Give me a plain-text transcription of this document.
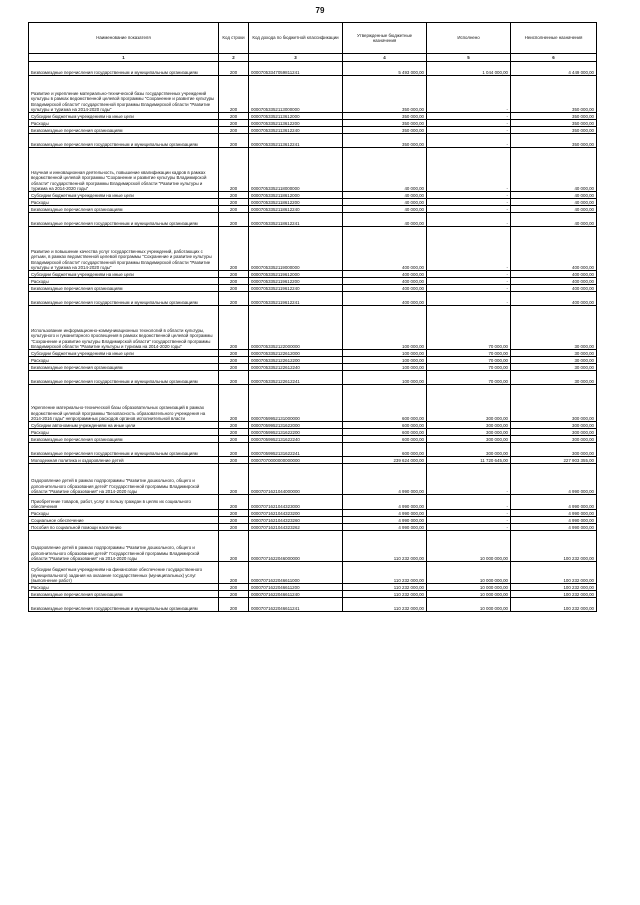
79
Наименование показателя	Код строки	Код дохода по бюджетной классификации	Утвержденные бюджетные назначения	Исполнено	Неисполненные назначения
1	2	3	4	5	6
Безвозмездные перечисления государственным и муниципальным организациям	200	00007053347059811241	5 493 000,00	1 044 000,00	4 449 000,00
Развитие и укрепление материально-технической базы государственных учреждений культуры в рамках ведомственной целевой программы "Сохранение и развитие культуры Владимирской области" государственной программы Владимирской области "Развитие культуры и туризма на 2014-2020 годы"	200	00007053352113000000	350 000,00	-	350 000,00
Субсидии бюджетным учреждениям на иные цели	200	00007053352113612000	350 000,00	-	350 000,00
Расходы	200	00007053352113612200	350 000,00	-	350 000,00
Безвозмездные перечисления организациям	200	00007053352113612240	350 000,00	-	350 000,00
Безвозмездные перечисления государственным и муниципальным организациям	200	00007053352113612241	350 000,00	-	350 000,00
Научная и инновационная деятельность, повышение квалификации кадров в рамках ведомственной целевой программы "Сохранение и развитие культуры Владимирской области" государственной программы Владимирской области "Развитие культуры и туризма на 2014-2020 годы"	200	00007053352118000000	40 000,00	-	40 000,00
Субсидии бюджетным учреждениям на иные цели	200	00007053352118612000	40 000,00	-	40 000,00
Расходы	200	00007053352118612200	40 000,00	-	40 000,00
Безвозмездные перечисления организациям	200	00007053352118612240	40 000,00	-	40 000,00
Безвозмездные перечисления государственным и муниципальным организациям	200	00007053352118612241	40 000,00	-	40 000,00
Развитие и повышение качества услуг государственных учреждений, работающих с детьми, в рамках ведомственной целевой программы "Сохранение и развитие культуры Владимирской области" государственной программы Владимирской области "Развитие культуры и туризма на 2014-2020 годы"	200	00007053352119000000	400 000,00	-	400 000,00
Субсидии бюджетным учреждениям на иные цели	200	00007053352119612000	400 000,00	-	400 000,00
Расходы	200	00007053352119612200	400 000,00	-	400 000,00
Безвозмездные перечисления организациям	200	00007053352119612240	400 000,00	-	400 000,00
Безвозмездные перечисления государственным и муниципальным организациям	200	00007053352119612241	400 000,00	-	400 000,00
Использование информационно-коммуникационных технологий в области культуры, культурного и гуманитарного просвещения в рамках ведомственной целевой программы "Сохранение и развитие культуры Владимирской области" государственной программы Владимирской области "Развитие культуры и туризма на 2014-2020 годы"	200	00007053352122000000	100 000,00	70 000,00	30 000,00
Субсидии бюджетным учреждениям на иные цели	200	00007053352122612000	100 000,00	70 000,00	30 000,00
Расходы	200	00007053352122612200	100 000,00	70 000,00	30 000,00
Безвозмездные перечисления организациям	200	00007053352122612240	100 000,00	70 000,00	30 000,00
Безвозмездные перечисления государственным и муниципальным организациям	200	00007053352122612241	100 000,00	70 000,00	30 000,00
Укрепление материально-технической базы образовательных организаций в рамках ведомственной целевой программы "Безопасность образовательного учреждения на 2014-2016 годы" непрограммных расходов органов исполнительной власти	200	00007059952131000000	600 000,00	300 000,00	300 000,00
Субсидии автономным учреждениям на иные цели	200	00007059952131622000	600 000,00	300 000,00	300 000,00
Расходы	200	00007059952131622200	600 000,00	300 000,00	300 000,00
Безвозмездные перечисления организациям	200	00007059952131622240	600 000,00	300 000,00	300 000,00
Безвозмездные перечисления государственным и муниципальным организациям	200	00007059952131622241	600 000,00	300 000,00	300 000,00
Молодежная политика и оздоровление детей	200	00007070000000000000	239 624 000,00	11 720 645,00	227 903 355,00
Оздоровление детей в рамках подпрограммы "Развитие дошкольного, общего и дополнительного образования детей" Государственной программы Владимирской области "Развитие образования" на 2014-2020 годы	200	00007071621044000000	4 990 000,00	-	4 990 000,00
Приобретение товаров, работ, услуг в пользу граждан в целях их социального обеспечения	200	00007071621044323000	4 990 000,00	-	4 990 000,00
Расходы	200	00007071621044323200	4 990 000,00	-	4 990 000,00
Социальное обеспечение	200	00007071621044323260	4 990 000,00	-	4 990 000,00
Пособия по социальной помощи населению	200	00007071621044323262	4 990 000,00	-	4 990 000,00
Оздоровление детей в рамках подпрограммы "Развитие дошкольного, общего и дополнительного образования детей" Государственной программы Владимирской области "Развитие образования" на 2014-2020 годы	200	00007071622046000000	110 232 000,00	10 000 000,00	100 232 000,00
Субсидии бюджетным учреждениям на финансовое обеспечение государственного (муниципального) задания на оказание государственных (муниципальных) услуг (выполнение работ)	200	00007071622046611000	110 232 000,00	10 000 000,00	100 232 000,00
Расходы	200	00007071622046611200	110 232 000,00	10 000 000,00	100 232 000,00
Безвозмездные перечисления организациям	200	00007071622046611240	110 232 000,00	10 000 000,00	100 232 000,00
Безвозмездные перечисления государственным и муниципальным организациям	200	00007071622046611241	110 232 000,00	10 000 000,00	100 232 000,00
